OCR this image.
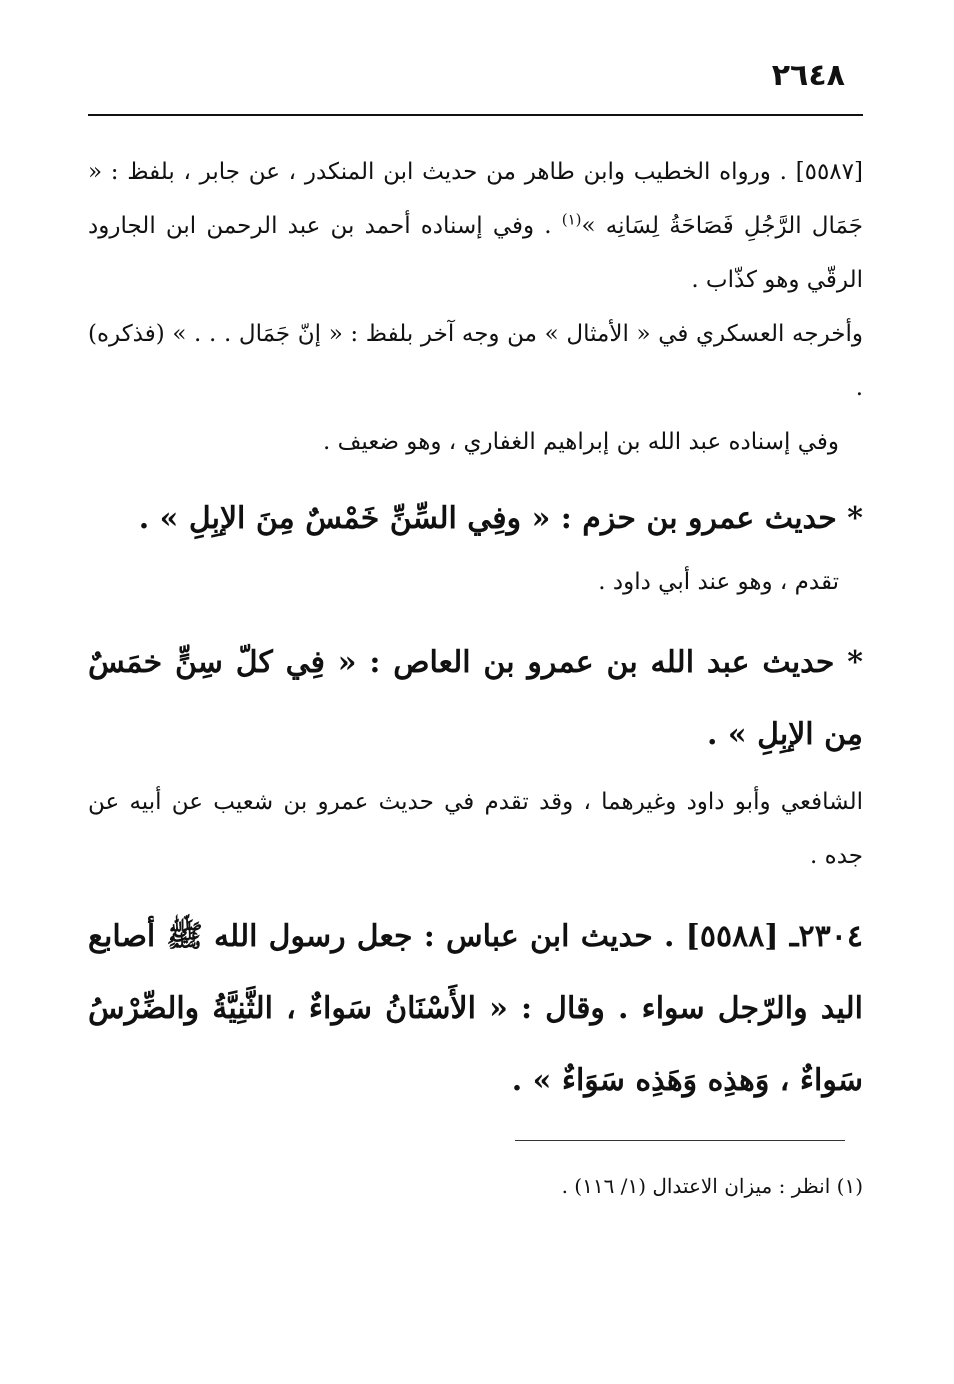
٢٦٤٨

[٥٥٨٧] . ورواه الخطيب وابن طاهر من حديث ابن المنكدر ، عن جابر ، بلفظ : « جَمَال الرَّجُلِ فَصَاحَةُ لِسَانِه »$^{(١)}$ . وفي إسناده أحمد بن عبد الرحمن ابن الجارود الرقّي وهو كذّاب .

وأخرجه العسكري في « الأمثال » من وجه آخر بلفظ : « إنّ جَمَال . . . » (فذكره) .

وفي إسناده عبد الله بن إبراهيم الغفاري ، وهو ضعيف .

* حديث عمرو بن حزم : « وفِي السِّنِّ خَمْسٌ مِنَ الإبِلِ » .

تقدم ، وهو عند أبي داود .

* حديث عبد الله بن عمرو بن العاص : « فِي كلّ سِنٍّ خمَسٌ مِن الإبِلِ » .

الشافعي وأبو داود وغيرهما ، وقد تقدم في حديث عمرو بن شعيب عن أبيه عن جده .

٢٣٠٤ـ [٥٥٨٨] . حديث ابن عباس : جعل رسول الله ﷺ أصابع اليد والرّجل سواء . وقال : « الأَسْنَانُ سَواءٌ ، الثَّنِيَّةُ والضِّرْسُ سَواءٌ ، وَهذِه وَهَذِه سَوَاءٌ » .

(١) انظر : ميزان الاعتدال (١/ ١١٦) .
